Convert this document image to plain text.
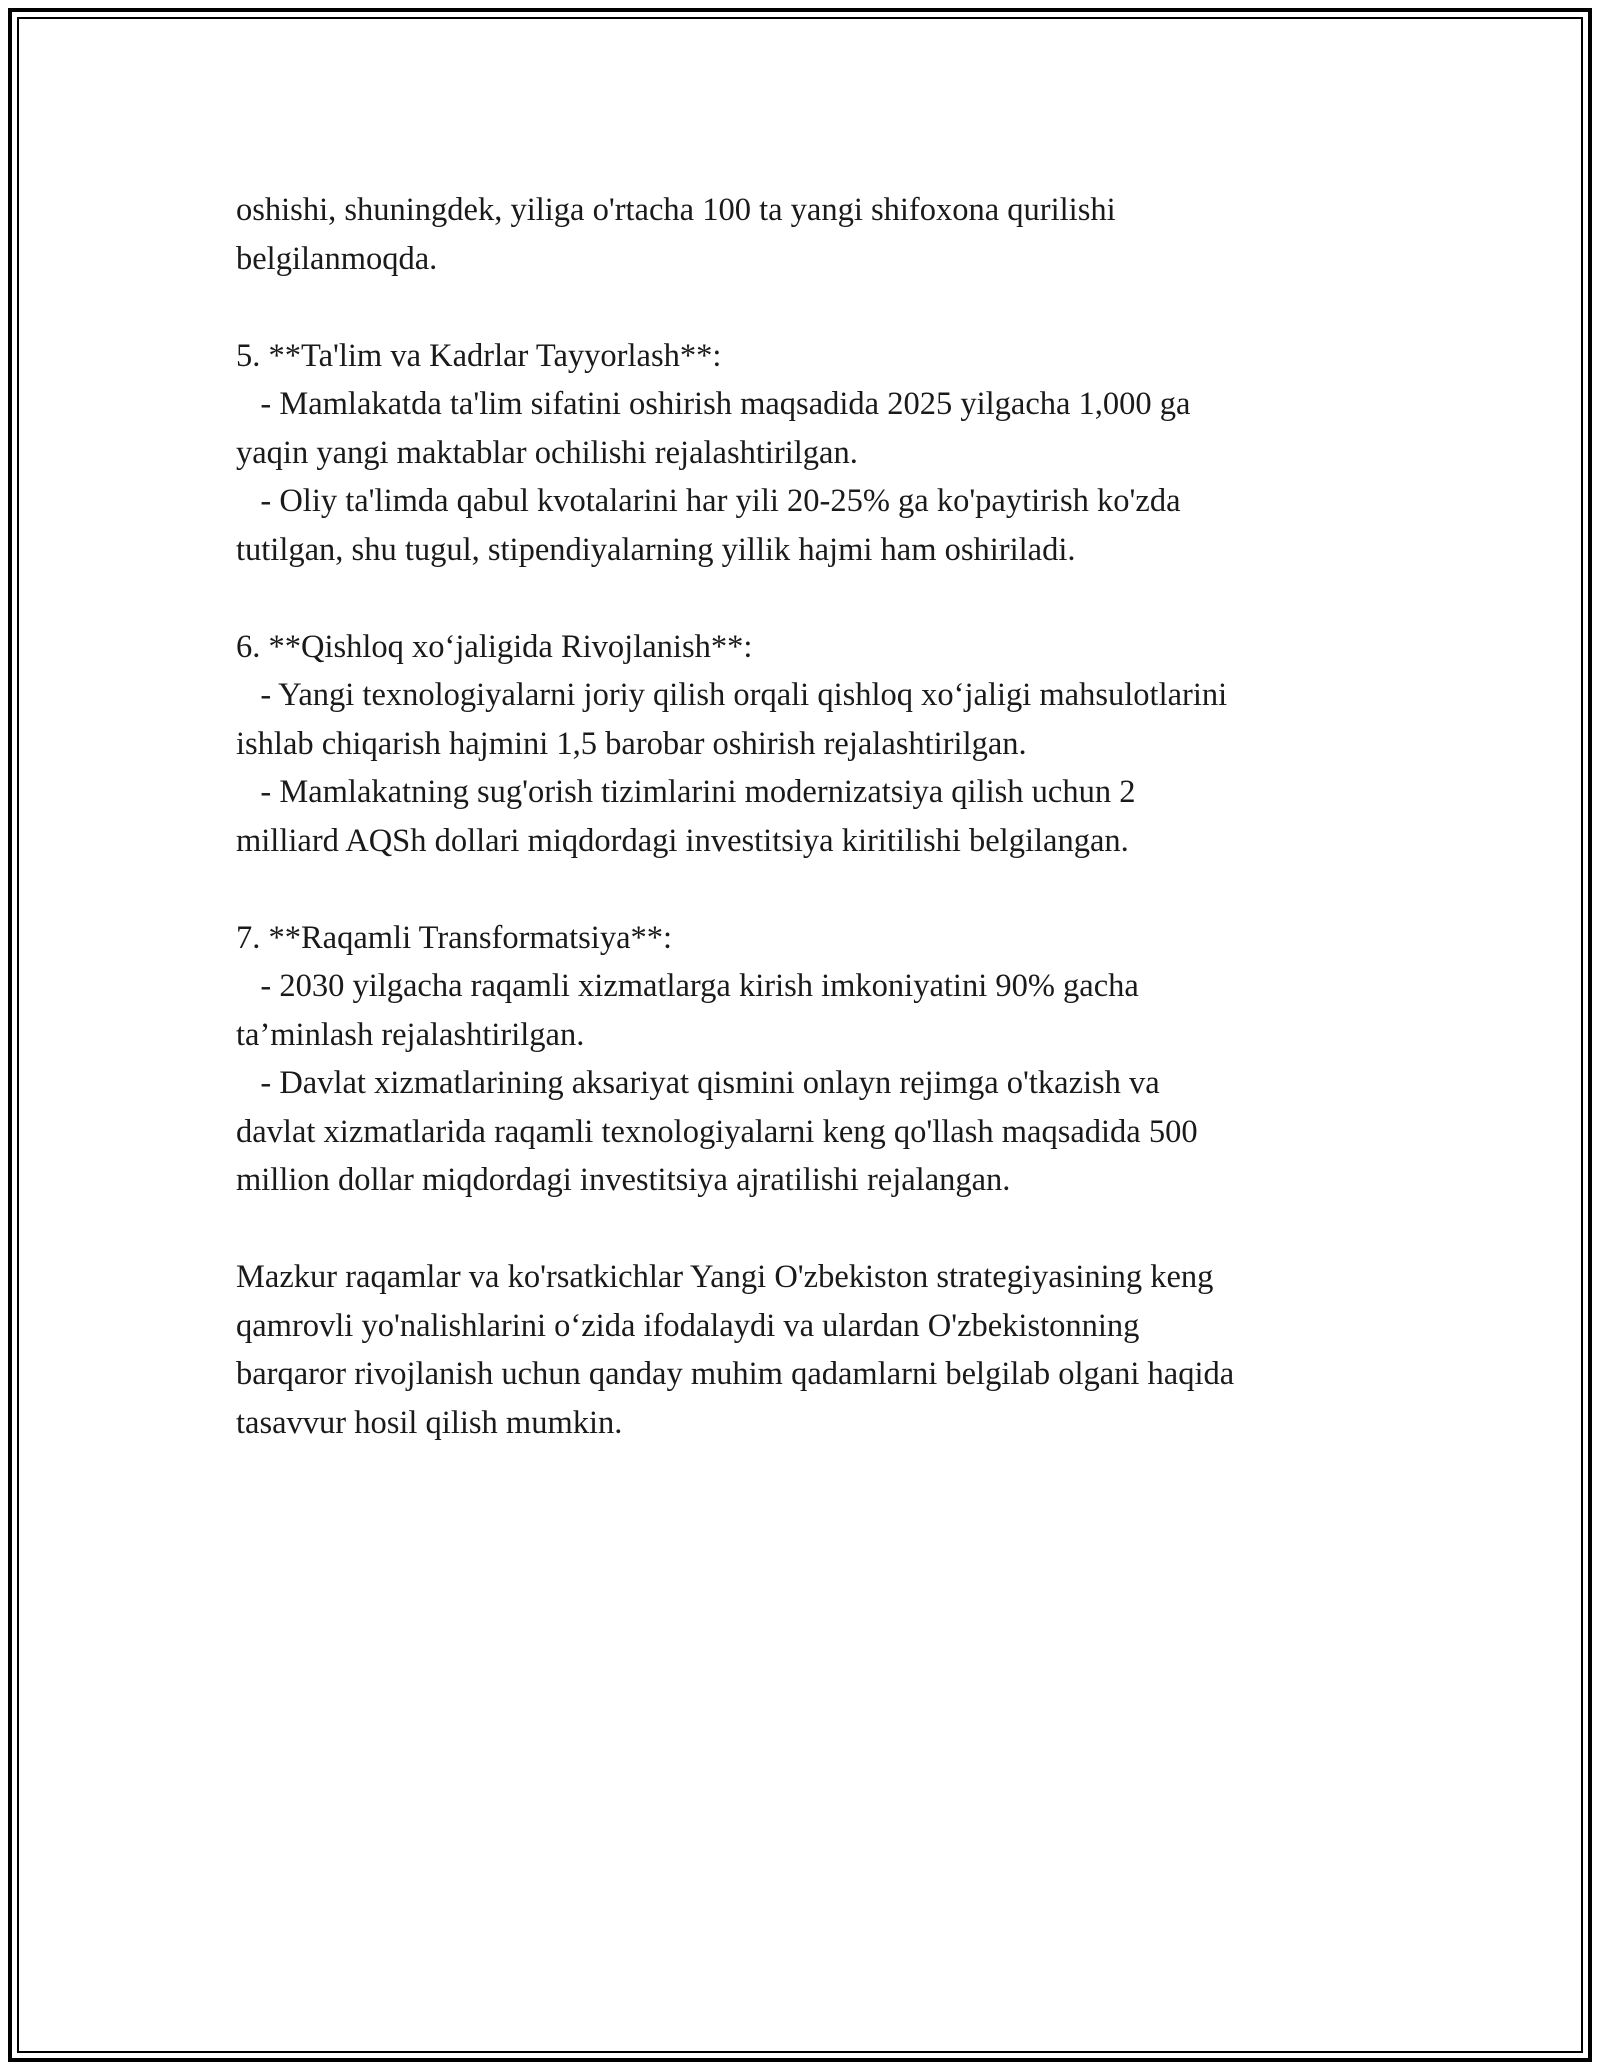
oshishi, shuningdek, yiliga o'rtacha 100 ta yangi shifoxona qurilishi
belgilanmoqda.
5. **Ta'lim va Kadrlar Tayyorlash**:
- Mamlakatda ta'lim sifatini oshirish maqsadida 2025 yilgacha 1,000 ga
yaqin yangi maktablar ochilishi rejalashtirilgan.
- Oliy ta'limda qabul kvotalarini har yili 20-25% ga ko'paytirish ko'zda
tutilgan, shu tugul, stipendiyalarning yillik hajmi ham oshiriladi.
6. **Qishloq xo‘jaligida Rivojlanish**:
- Yangi texnologiyalarni joriy qilish orqali qishloq xo‘jaligi mahsulotlarini
ishlab chiqarish hajmini 1,5 barobar oshirish rejalashtirilgan.
- Mamlakatning sug'orish tizimlarini modernizatsiya qilish uchun 2
milliard AQSh dollari miqdordagi investitsiya kiritilishi belgilangan.
7. **Raqamli Transformatsiya**:
- 2030 yilgacha raqamli xizmatlarga kirish imkoniyatini 90% gacha
ta’minlash rejalashtirilgan.
- Davlat xizmatlarining aksariyat qismini onlayn rejimga o'tkazish va
davlat xizmatlarida raqamli texnologiyalarni keng qo'llash maqsadida 500
million dollar miqdordagi investitsiya ajratilishi rejalangan.
Mazkur raqamlar va ko'rsatkichlar Yangi O'zbekiston strategiyasining keng
qamrovli yo'nalishlarini o‘zida ifodalaydi va ulardan O'zbekistonning
barqaror rivojlanish uchun qanday muhim qadamlarni belgilab olgani haqida
tasavvur hosil qilish mumkin.
